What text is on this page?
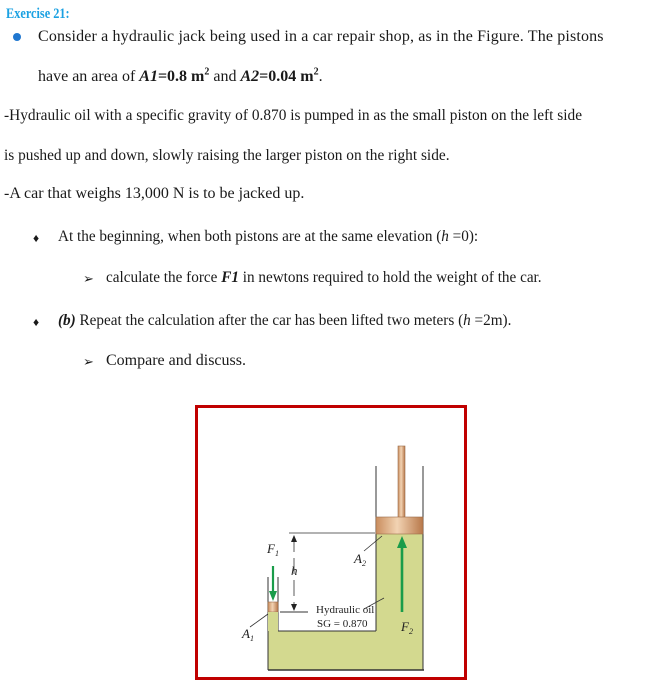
Exercise 21:
Consider a hydraulic jack being used in a car repair shop, as in the Figure. The pistons
have an area of A1=0.8 $m^2$ and A2=0.04 $m^2$.
-Hydraulic oil with a specific gravity of 0.870 is pumped in as the small piston on the left side
is pushed up and down, slowly raising the larger piston on the right side.
-A car that weighs 13,000 N is to be jacked up.
♦ At the beginning, when both pistons are at the same elevation (h =0):
➢ calculate the force F1 in newtons required to hold the weight of the car.
♦ (b) Repeat the calculation after the car has been lifted two meters (h =2m).
➢ Compare and discuss.
$F_1$	$A_2$
h
$A_1$
$F_2$
Hydraulic oil
SG = 0.870
